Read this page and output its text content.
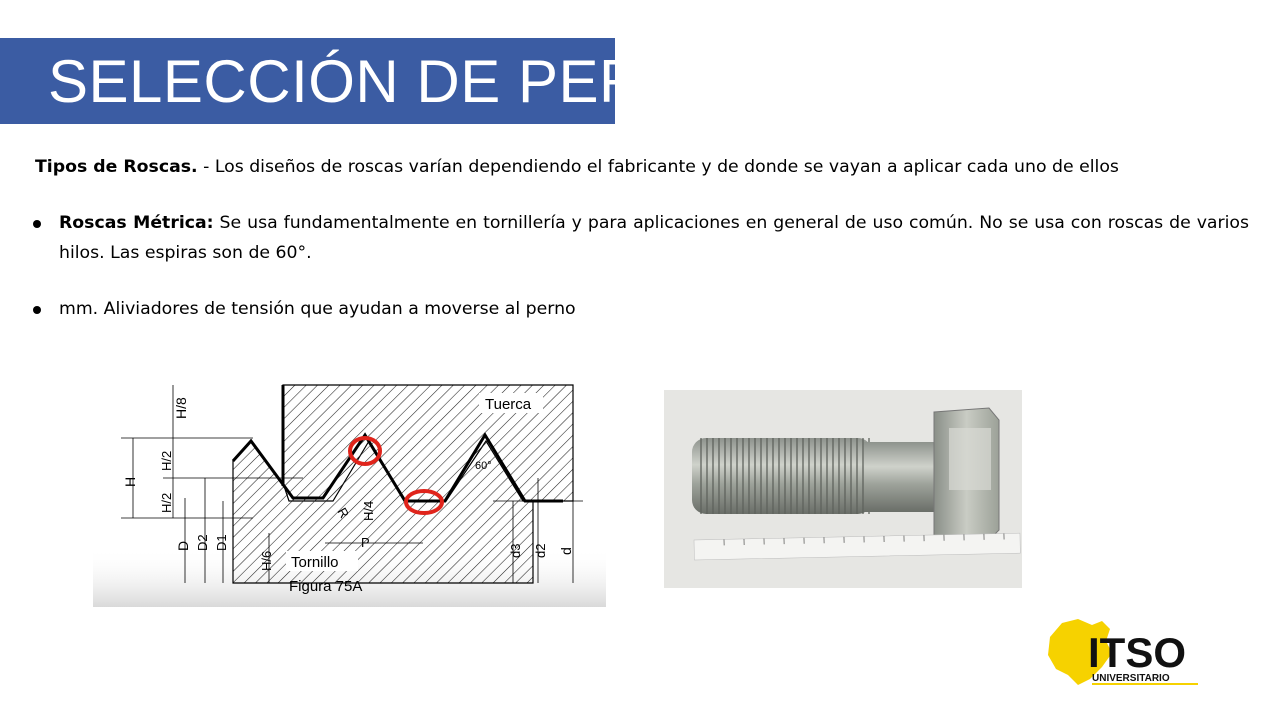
SELECCIÓN DE PERNOS
Tipos de Roscas. - Los diseños de roscas varían dependiendo el fabricante y de donde se vayan a aplicar cada uno de ellos
Roscas Métrica: Se usa fundamentalmente en tornillería y para aplicaciones en general de uso común. No se usa con roscas de varios hilos. Las espiras son de 60°.
mm. Aliviadores de tensión que ayudan a moverse al perno
Tuerca
Tornillo
Figura 75A
H/8
H
H/2
H/2
D D2 D1
H/6
H/4
R
P
60°
d3 d2 d
ITSO
UNIVERSITARIO
